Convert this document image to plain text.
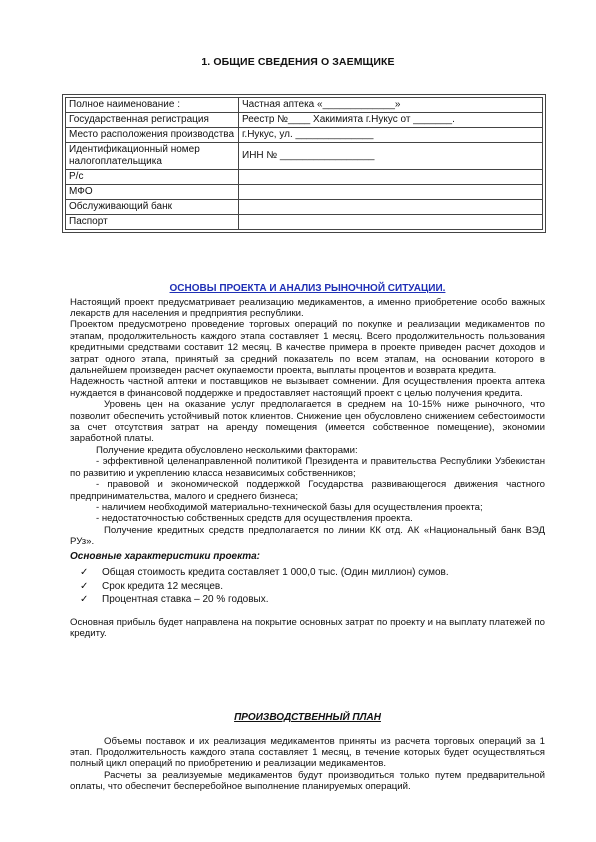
1. ОБЩИЕ СВЕДЕНИЯ О ЗАЕМЩИКЕ
Полное наименование :	Частная аптека «_____________»
Государственная регистрация	Реестр №____ Хакимията г.Нукус от _______.
Место расположения производства	г.Нукус, ул. ______________
Идентификационный номер налогоплательщика	ИНН № _________________
Р/с	
МФО	
Обслуживающий банк	
Паспорт	
ОСНОВЫ ПРОЕКТА И АНАЛИЗ РЫНОЧНОЙ СИТУАЦИИ.

Настоящий проект предусматривает реализацию медикаментов, а именно приобретение особо важных лекарств для населения и предприятия республики.

Проектом предусмотрено проведение торговых операций по покупке и реализации медикаментов по этапам, продолжительность каждого этапа составляет 1 месяц. Всего продолжительность пользования кредитными средствами составит 12 месяц. В качестве примера в проекте приведен расчет доходов и затрат одного этапа, принятый за средний показатель по всем этапам, на основании которого в дальнейшем произведен расчет окупаемости проекта, выплаты процентов и возврата кредита.

Надежность частной аптеки и поставщиков не вызывает сомнении. Для осуществления проекта аптека нуждается в финансовой поддержке и предоставляет настоящий проект с целью получения кредита.

Уровень цен на оказание услуг предполагается в среднем на 10-15% ниже рыночного, что позволит обеспечить устойчивый поток клиентов. Снижение цен обусловлено снижением себестоимости за счет отсутствия затрат на аренду помещения (имеется собственное помещение), экономии заработной платы.

Получение кредита обусловлено несколькими факторами:

- эффективной целенаправленной политикой Президента и правительства Республики Узбекистан по развитию и укреплению класса независимых собственников;

- правовой и экономической поддержкой Государства развивающегося движения частного предпринимательства, малого и среднего бизнеса;

- наличием необходимой материально-технической базы для осуществления проекта;

- недостаточностью собственных средств для осуществления проекта.

Получение кредитных средств предполагается по линии КК отд. АК «Национальный банк ВЭД РУз».

Основные характеристики проекта:
✓ Общая стоимость кредита составляет 1 000,0 тыс. (Один миллион) сумов.
✓ Срок кредита 12 месяцев.
✓ Процентная ставка – 20 % годовых.

Основная прибыль будет направлена на покрытие основных затрат по проекту и на выплату платежей по кредиту.

ПРОИЗВОДСТВЕННЫЙ ПЛАН

Объемы поставок и их реализация медикаментов приняты из расчета торговых операций за 1 этап. Продолжительность каждого этапа составляет 1 месяц, в течение которых будет осуществляться полный цикл операций по приобретению и реализации медикаментов.

Расчеты за реализуемые медикаментов будут производиться только путем предварительной оплаты, что обеспечит бесперебойное выполнение планируемых операций.
